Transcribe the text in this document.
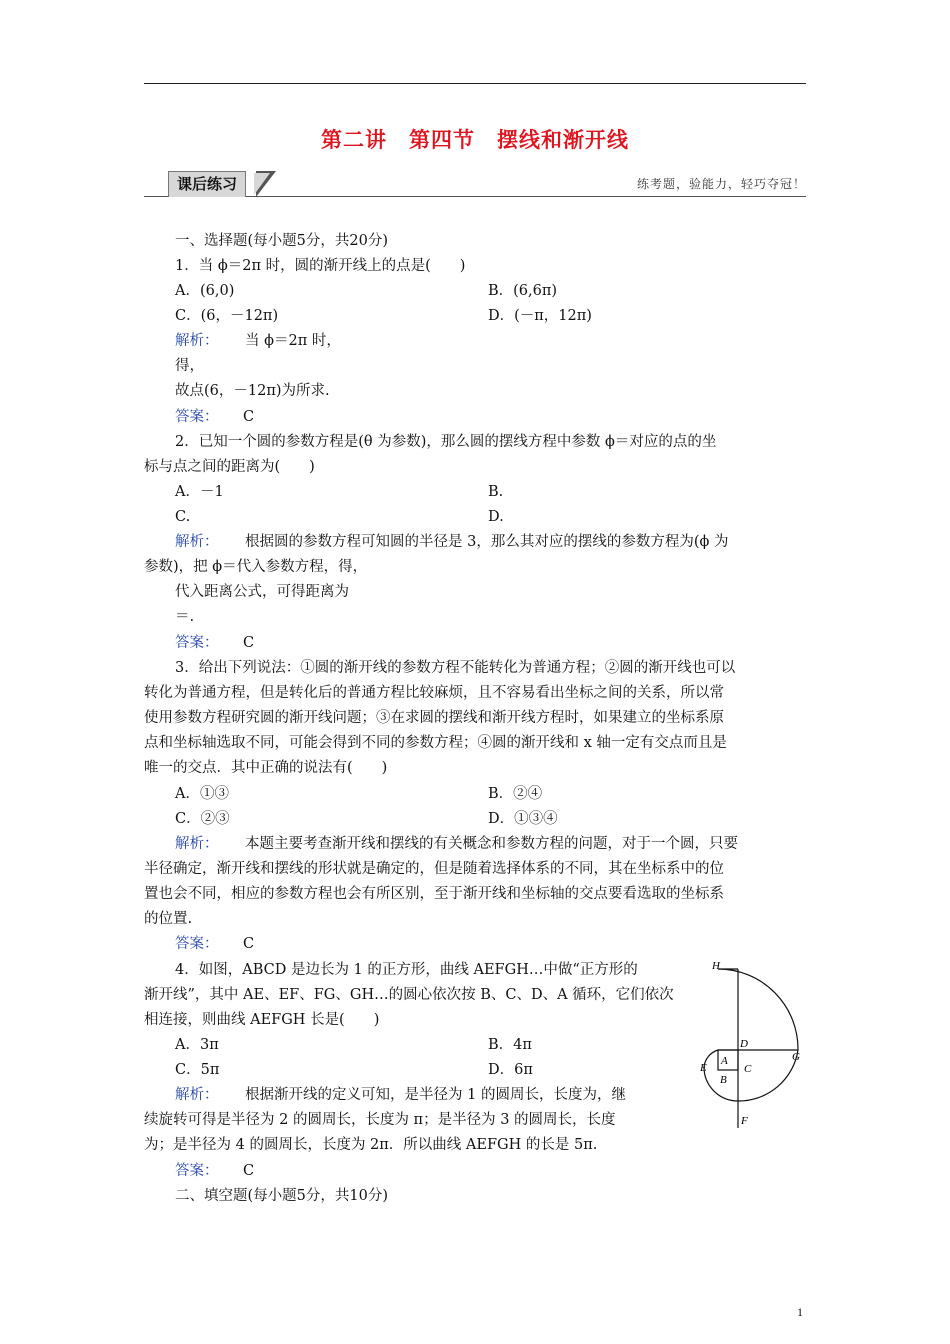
第二讲　第四节　摆线和渐开线
课后练习	练考题，验能力，轻巧夺冠！
一、选择题(每小题5分，共20分)
1．当 ϕ＝2π 时，圆的渐开线上的点是(　　)
A．(6,0)	B．(6,6π)
C．(6，－12π)	D．(－π，12π)
解析： 当 ϕ＝2π 时，
得，
故点(6，－12π)为所求.
答案： C
2．已知一个圆的参数方程是(θ 为参数)，那么圆的摆线方程中参数 ϕ＝对应的点的坐
标与点之间的距离为(　　)
A．－1	B.
C.	D.
解析： 根据圆的参数方程可知圆的半径是 3，那么其对应的摆线的参数方程为(ϕ 为
参数)，把 ϕ＝代入参数方程，得，
代入距离公式，可得距离为
＝.
答案： C
3．给出下列说法：①圆的渐开线的参数方程不能转化为普通方程；②圆的渐开线也可以
转化为普通方程，但是转化后的普通方程比较麻烦，且不容易看出坐标之间的关系，所以常
使用参数方程研究圆的渐开线问题；③在求圆的摆线和渐开线方程时，如果建立的坐标系原
点和坐标轴选取不同，可能会得到不同的参数方程；④圆的渐开线和 x 轴一定有交点而且是
唯一的交点．其中正确的说法有(　　)
A．①③	B．②④
C．②③	D．①③④
解析： 本题主要考查渐开线和摆线的有关概念和参数方程的问题，对于一个圆，只要
半径确定，渐开线和摆线的形状就是确定的，但是随着选择体系的不同，其在坐标系中的位
置也会不同，相应的参数方程也会有所区别，至于渐开线和坐标轴的交点要看选取的坐标系
的位置.
答案： C
4．如图，ABCD 是边长为 1 的正方形，曲线 AEFGH…中做“正方形的
渐开线”，其中 AE、EF、FG、GH…的圆心依次按 B、C、D、A 循环，它们依次
相连接，则曲线 AEFGH 长是(　　)
A．3π	B．4π
C．5π	D．6π
解析： 根据渐开线的定义可知，是半径为 1 的圆周长，长度为，继
续旋转可得是半径为 2 的圆周长，长度为 π；是半径为 3 的圆周长，长度
为；是半径为 4 的圆周长，长度为 2π．所以曲线 AEFGH 的长是 5π.
答案： C
二、填空题(每小题5分，共10分)
H
D
G
A
C
B
E
F
1
